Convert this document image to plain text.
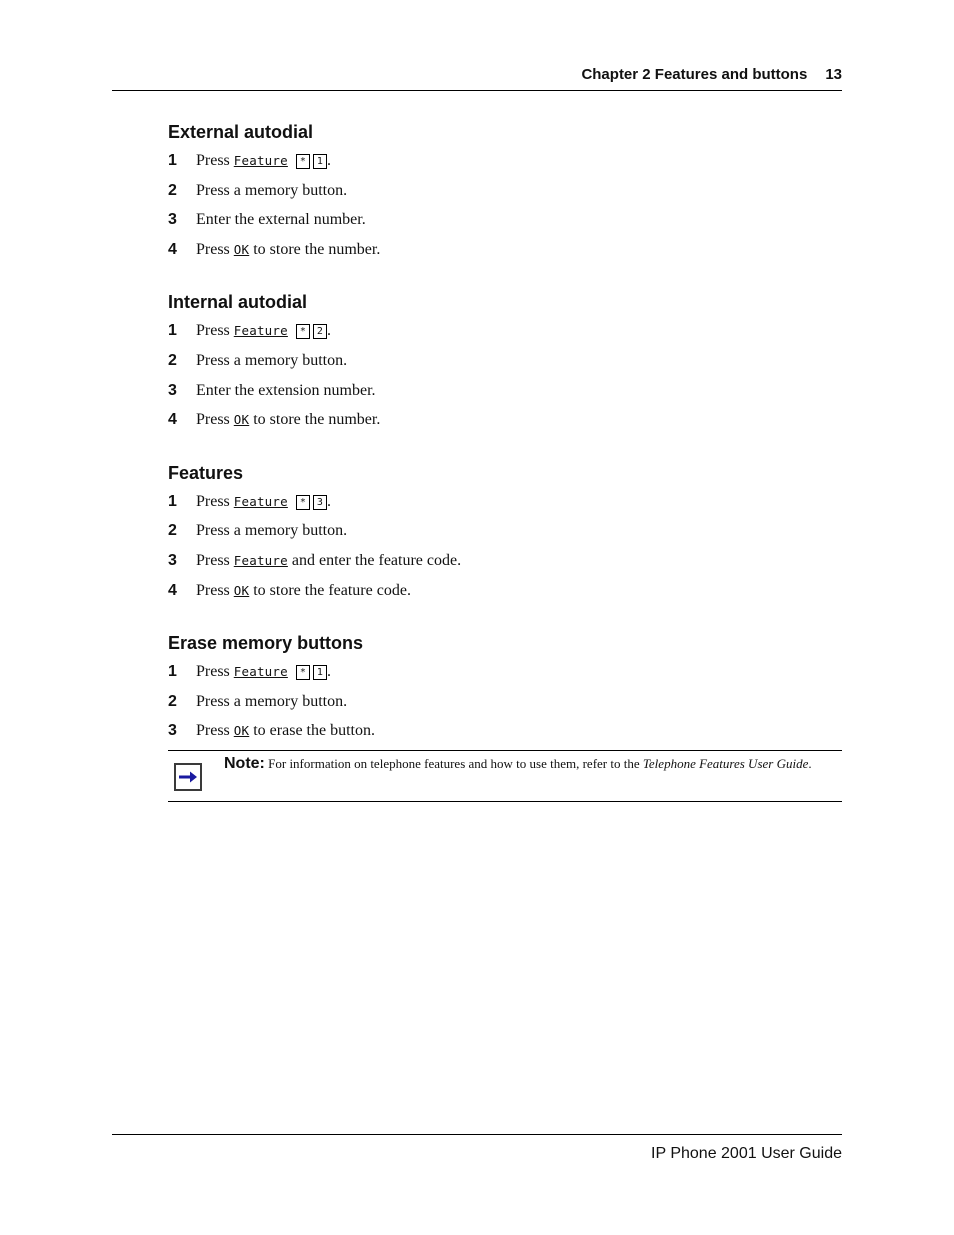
Chapter 2 Features and buttons 13
External autodial
1 Press Feature * 1 .
2 Press a memory button.
3 Enter the external number.
4 Press OK to store the number.
Internal autodial
1 Press Feature * 2 .
2 Press a memory button.
3 Enter the extension number.
4 Press OK to store the number.
Features
1 Press Feature * 3 .
2 Press a memory button.
3 Press Feature and enter the feature code.
4 Press OK to store the feature code.
Erase memory buttons
1 Press Feature * 1 .
2 Press a memory button.
3 Press OK to erase the button.
Note: For information on telephone features and how to use them, refer to the Telephone Features User Guide.
IP Phone 2001 User Guide
